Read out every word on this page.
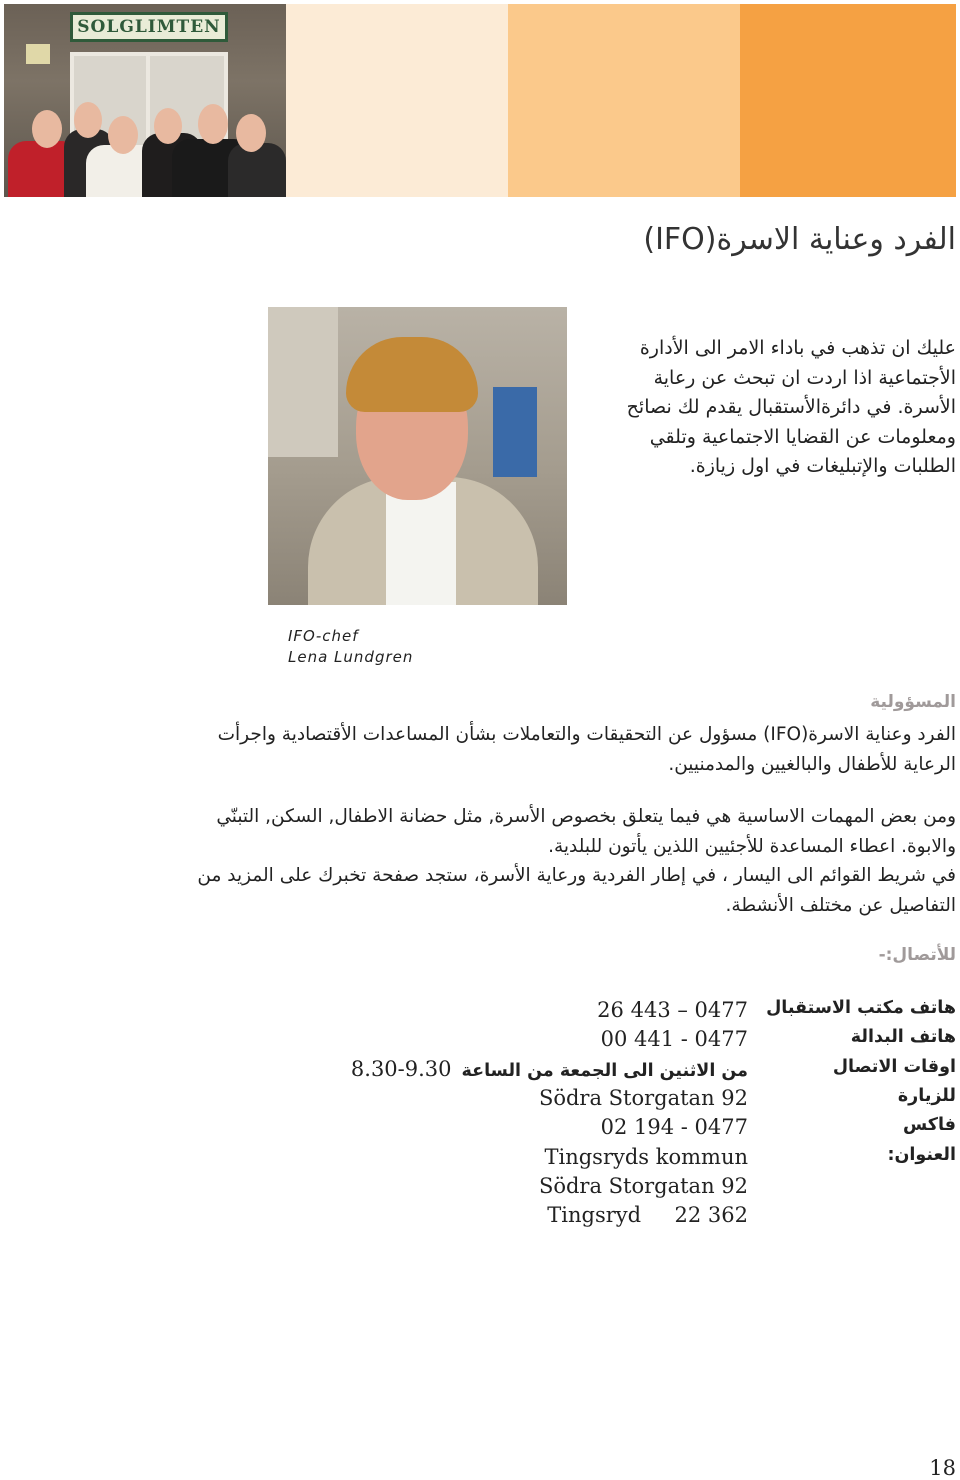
SOLGLIMTEN
الفرد وعناية الاسرة(IFO)

عليك ان تذهب في باداء الامر الى الأدارة الأجتماعية اذا اردت ان تبحث عن رعاية الأسرة. في دائرةالأستقبال يقدم لك نصائح ومعلومات عن القضايا الاجتماعية وتلقي الطلبات والإتبليغات في اول زيازة.

IFO-chef
Lena Lundgren
المسؤولية

الفرد وعناية الاسرة(IFO) مسؤول عن التحقيقات والتعاملات بشأن المساعدات الأقتصادية واجرأت الرعاية للأطفال والبالغيين والمدمنيين.

ومن بعض المهمات الاساسية هي فيما يتعلق بخصوص الأسرة, مثل حضانة الاطفال, السكن, التبنّي والابوة. اعطاء المساعدة للأجئيين اللذين يأتون للبلدية.

في شريط القوائم الى اليسار ، في إطار الفردية ورعاية الأسرة، ستجد صفحة تخبرك على المزيد من التفاصيل عن مختلف الأنشطة.

للأتصال:-
هاتف مكتب الاستقبال
0477 – 443 26
هاتف البدالة
0477 - 441 00
اوقات الاتصال
من الاثنين الى الجمعة من الساعة8.30-9.30
للزيارة
Södra Storgatan 92
فاكس
0477 - 194 02
العنوان:
Tingsryds kommun
Södra Storgatan 92
362 22     Tingsryd
18
